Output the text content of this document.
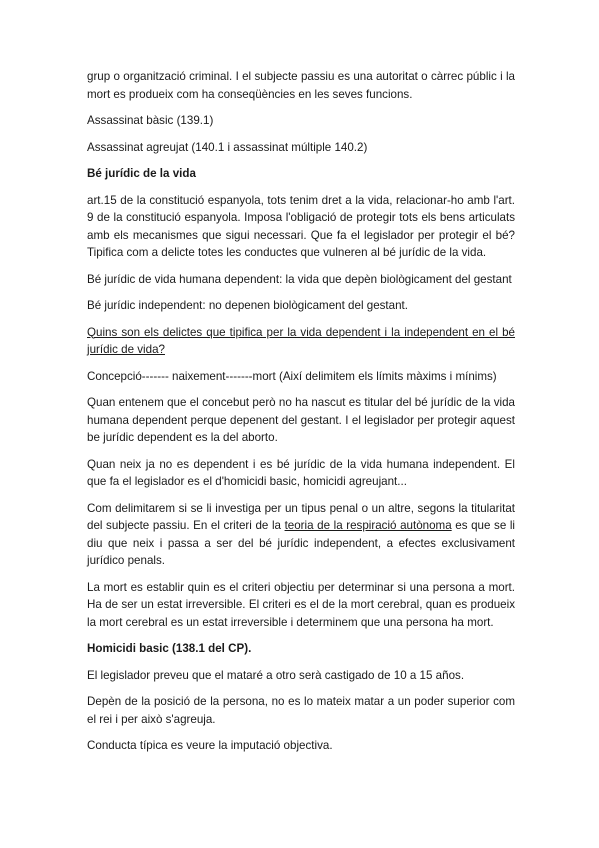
grup o organització criminal. I el subjecte passiu es una autoritat o càrrec públic i la mort es produeix com ha conseqüències en les seves funcions.

Assassinat bàsic (139.1)

Assassinat agreujat (140.1 i assassinat múltiple 140.2)

Bé jurídic de la vida

art.15 de la constitució espanyola, tots tenim dret a la vida, relacionar-ho amb l'art. 9 de la constitució espanyola. Imposa l'obligació de protegir tots els bens articulats amb els mecanismes que sigui necessari. Que fa el legislador per protegir el bé? Tipifica com a delicte totes les conductes que vulneren al bé jurídic de la vida.

Bé jurídic de vida humana dependent: la vida que depèn biològicament del gestant

Bé jurídic independent: no depenen biològicament del gestant.

Quins son els delictes que tipifica per la vida dependent i la independent en el bé jurídic de vida?

Concepció------- naixement-------mort (Així delimitem els límits màxims i mínims)

Quan entenem que el concebut però no ha nascut es titular del bé jurídic de la vida humana dependent perque depenent del gestant. I el legislador per protegir aquest be jurídic dependent es la del aborto.

Quan neix ja no es dependent i es bé jurídic de la vida humana independent. El que fa el legislador es el d'homicidi basic, homicidi agreujant...

Com delimitarem si se li investiga per un tipus penal o un altre, segons la titularitat del subjecte passiu. En el criteri de la teoria de la respiració autònoma es que se li diu que neix i passa a ser del bé jurídic independent, a efectes exclusivament jurídico penals.

La mort es establir quin es el criteri objectiu per determinar si una persona a mort. Ha de ser un estat irreversible. El criteri es el de la mort cerebral, quan es produeix la mort cerebral es un estat irreversible i determinem que una persona ha mort.

Homicidi basic (138.1 del CP).

El legislador preveu que el mataré a otro serà castigado de 10 a 15 años.

Depèn de la posició de la persona, no es lo mateix matar a un poder superior com el rei i per això s'agreuja.

Conducta típica es veure la imputació objectiva.
